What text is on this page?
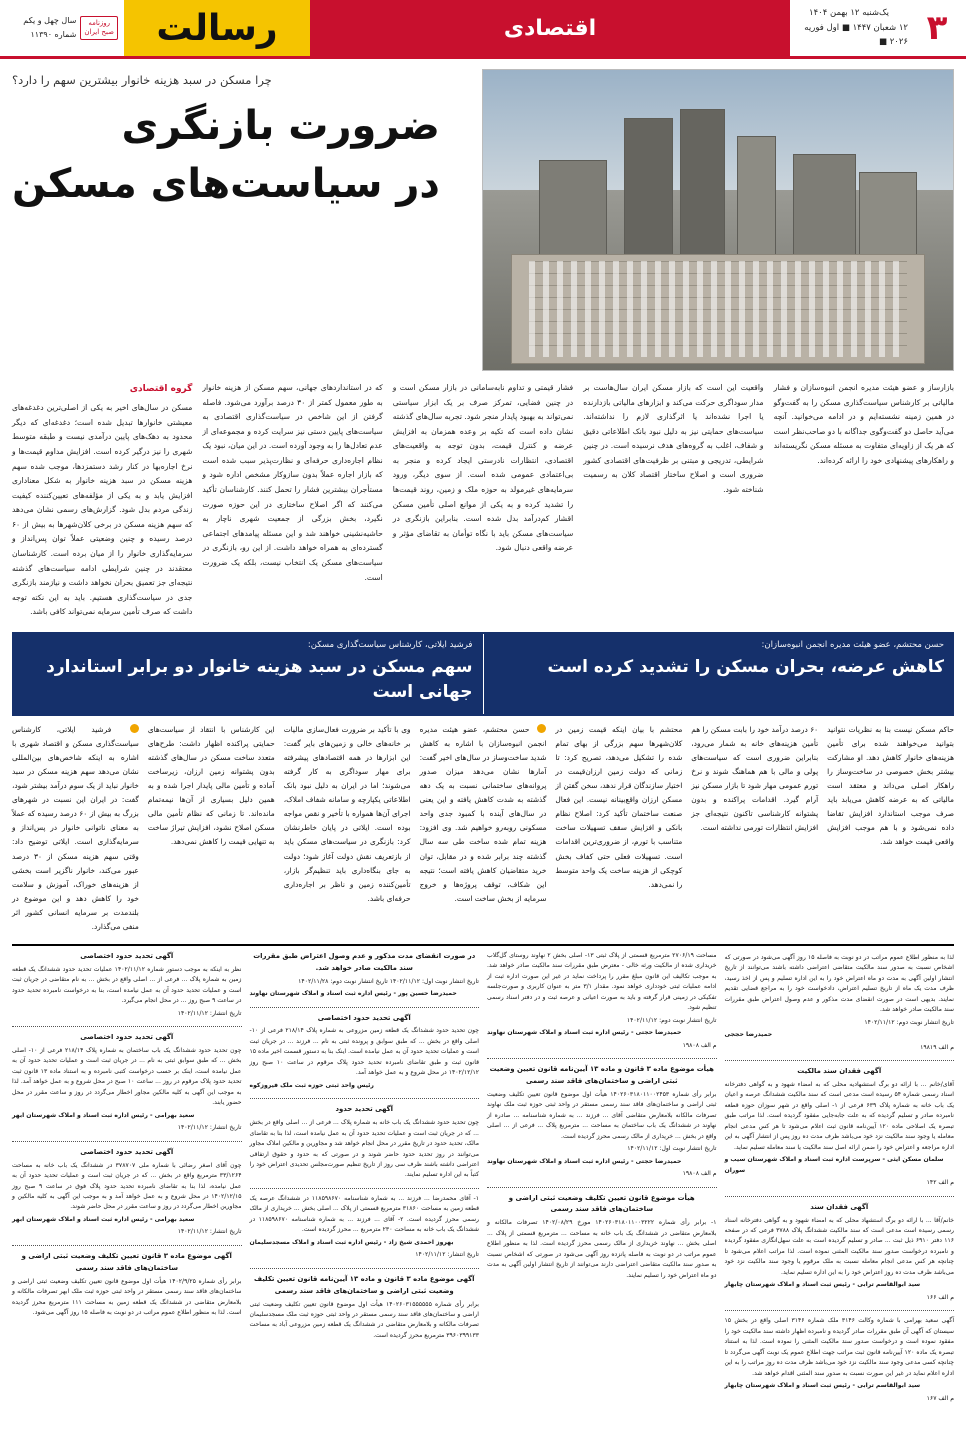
۳
یک‌شنبه ۱۲ بهمن ۱۴۰۴
۱۲ شعبان ۱۴۴۷ ■ اول فوریه ۲۰۲۶ ■
اقتصادی
رسالت
روزنامه
صبح ایران
سال چهل و یکم
شماره ۱۱۳۹۰
چرا مسکن در سبد هزینه خانوار بیشترین سهم را دارد؟
ضرورت بازنگری
در سیاست‌های مسکن
بازارساز و عضو هیئت مدیره انجمن انبوه‌سازان و فشار مالیاتی بر کارشناس سیاست‌گذاری مسکن را به گفت‌وگو در همین زمینه نشسته‌ایم و در ادامه می‌خوانید. آنچه می‌آید حاصل دو گفت‌وگوی جداگانه با دو صاحب‌نظر است که هر یک از زاویه‌ای متفاوت به مسئله مسکن نگریسته‌اند و راهکارهای پیشنهادی خود را ارائه کرده‌اند.
واقعیت این است که بازار مسکن ایران سال‌هاست بر مدار سوداگری حرکت می‌کند و ابزارهای مالیاتی بازدارنده یا اجرا نشده‌اند یا اثرگذاری لازم را نداشته‌اند. سیاست‌های حمایتی نیز به دلیل نبود بانک اطلاعاتی دقیق و شفاف، اغلب به گروه‌های هدف نرسیده است. در چنین شرایطی، تدریجی و مبتنی بر ظرفیت‌های اقتصادی کشور ضروری است و اصلاح ساختار اقتصاد کلان به رسمیت شناخته شود.
فشار قیمتی و تداوم نابه‌سامانی در بازار مسکن است و در چنین فضایی، تمرکز صرف بر یک ابزار سیاستی نمی‌تواند به بهبود پایدار منجر شود. تجربه سال‌های گذشته نشان داده است که تکیه بر وعده همزمان به افزایش عرضه و کنترل قیمت، بدون توجه به واقعیت‌های اقتصادی، انتظارات نادرستی ایجاد کرده و منجر به بی‌اعتمادی عمومی شده است. از سوی دیگر، ورود سرمایه‌های غیرمولد به حوزه ملک و زمین، روند قیمت‌ها را تشدید کرده و به یکی از موانع اصلی تأمین مسکن اقشار کم‌درآمد بدل شده است. بنابراین بازنگری در سیاست‌های مسکن باید با نگاه توأمان به تقاضای مؤثر و عرضه واقعی دنبال شود.
که در استانداردهای جهانی، سهم مسکن از هزینه خانوار به طور معمول کمتر از ۳۰ درصد برآورد می‌شود. فاصله گرفتن از این شاخص در سیاست‌گذاری اقتصادی به سیاست‌های پایین دستی نیز سرایت کرده و مجموعه‌ای از عدم تعادل‌ها را به وجود آورده است. در این میان، نبود یک نظام اجاره‌داری حرفه‌ای و نظارت‌پذیر سبب شده است که بازار اجاره عملاً بدون سازوکار مشخص اداره شود و مستأجران بیشترین فشار را تحمل کنند. کارشناسان تأکید می‌کنند که اگر اصلاح ساختاری در این حوزه صورت نگیرد، بخش بزرگی از جمعیت شهری ناچار به حاشیه‌نشینی خواهند شد و این مسئله پیامدهای اجتماعی گسترده‌ای به همراه خواهد داشت. از این رو، بازنگری در سیاست‌های مسکن یک انتخاب نیست، بلکه یک ضرورت است.
گروه اقتصادی
مسکن در سال‌های اخیر به یکی از اصلی‌ترین دغدغه‌های معیشتی خانوارها تبدیل شده است؛ دغدغه‌ای که دیگر محدود به دهک‌های پایین درآمدی نیست و طبقه متوسط شهری را نیز درگیر کرده است. افزایش مداوم قیمت‌ها و نرخ اجاره‌بها در کنار رشد دستمزدها، موجب شده سهم هزینه مسکن در سبد هزینه خانوار به شکل معناداری افزایش یابد و به یکی از مؤلفه‌های تعیین‌کننده کیفیت زندگی مردم بدل شود. گزارش‌های رسمی نشان می‌دهد که سهم هزینه مسکن در برخی کلان‌شهرها به بیش از ۶۰ درصد رسیده و چنین وضعیتی عملاً توان پس‌انداز و سرمایه‌گذاری خانوار را از میان برده است. کارشناسان معتقدند در چنین شرایطی ادامه سیاست‌های گذشته نتیجه‌ای جز تعمیق بحران نخواهد داشت و نیازمند بازنگری جدی در سیاست‌گذاری هستیم. باید به این نکته توجه داشت که صرف تأمین سرمایه نمی‌تواند کافی باشد.
حسن محتشم، عضو هیئت مدیره انجمن انبوه‌سازان:
کاهش عرضه، بحران مسکن را تشدید کرده است
فرشید ایلاتی، کارشناس سیاست‌گذاری مسکن:
سهم مسکن در سبد هزینه خانوار دو برابر استاندارد جهانی است
حاکم مسکن نیست بنا به نظریات نتوانید بتوانید می‌خواهند شده برای تأمین هزینه‌های خانوار کاهش دهد. او مشارکت بیشتر بخش خصوصی در ساخت‌وساز را راهکار اصلی می‌داند و معتقد است مالیاتی که به عرضه کاهش می‌یابد باید صرف موجب استاندارد افزایش تقاضا داده نمی‌شود و با هم موجب افزایش واقعی قیمت خواهد شد.
۶۰ درصد درآمد خود را بابت مسکن را هم تأمین هزینه‌های خانه به شمار می‌رود، بنابراین ضروری است که سیاست‌های پولی و مالی با هم هماهنگ شوند و نرخ تورم عمومی مهار شود تا بازار مسکن نیز آرام گیرد. اقدامات پراکنده و بدون پشتوانه کارشناسی تاکنون نتیجه‌ای جز افزایش انتظارات تورمی نداشته است.
محتشم با بیان اینکه قیمت زمین در کلان‌شهرها سهم بزرگی از بهای تمام شده را تشکیل می‌دهد، تصریح کرد: تا زمانی که دولت زمین ارزان‌قیمت در اختیار سازندگان قرار ندهد، سخن گفتن از مسکن ارزان واقع‌بینانه نیست. این فعال صنعت ساختمان تأکید کرد: اصلاح نظام بانکی و افزایش سقف تسهیلات ساخت متناسب با تورم، از ضروری‌ترین اقدامات است. تسهیلات فعلی حتی کفاف بخش کوچکی از هزینه ساخت یک واحد متوسط را نمی‌دهد.
حسن محتشم، عضو هیئت مدیره انجمن انبوه‌سازان با اشاره به کاهش شدید ساخت‌وساز در سال‌های اخیر گفت: آمارها نشان می‌دهد میزان صدور پروانه‌های ساختمانی نسبت به یک دهه گذشته به شدت کاهش یافته و این یعنی در سال‌های آینده با کمبود جدی واحد مسکونی روبه‌رو خواهیم شد. وی افزود: هزینه تمام شده ساخت طی سه سال گذشته چند برابر شده و در مقابل، توان خرید متقاضیان کاهش یافته است؛ نتیجه این شکاف، توقف پروژه‌ها و خروج سرمایه از بخش ساخت است.
وی با تأکید بر ضرورت فعال‌سازی مالیات بر خانه‌های خالی و زمین‌های بایر گفت: این ابزارها در همه اقتصادهای پیشرفته برای مهار سوداگری به کار گرفته می‌شوند؛ اما در ایران به دلیل نبود بانک اطلاعاتی یکپارچه و سامانه شفاف املاک، اجرای آن‌ها همواره با تأخیر و نقص مواجه بوده است. ایلاتی در پایان خاطرنشان کرد: بازنگری در سیاست‌های مسکن باید از بازتعریف نقش دولت آغاز شود؛ دولت به جای بنگاه‌داری باید تنظیم‌گر بازار، تأمین‌کننده زمین و ناظر بر اجاره‌داری حرفه‌ای باشد.
این کارشناس با انتقاد از سیاست‌های حمایتی پراکنده اظهار داشت: طرح‌های متعدد ساخت مسکن در سال‌های گذشته بدون پشتوانه زمین ارزان، زیرساخت آماده و تأمین مالی پایدار اجرا شده و به همین دلیل بسیاری از آن‌ها نیمه‌تمام مانده‌اند. تا زمانی که نظام تأمین مالی مسکن اصلاح نشود، افزایش تیراژ ساخت به تنهایی قیمت را کاهش نمی‌دهد.
فرشید ایلاتی، کارشناس سیاست‌گذاری مسکن و اقتصاد شهری با اشاره به اینکه شاخص‌های بین‌المللی نشان می‌دهد سهم هزینه مسکن در سبد خانوار نباید از یک سوم درآمد بیشتر شود، گفت: در ایران این نسبت در شهرهای بزرگ به بیش از ۶۰ درصد رسیده که عملاً به معنای ناتوانی خانوار در پس‌انداز و سرمایه‌گذاری است. ایلاتی توضیح داد: وقتی سهم هزینه مسکن از ۳۰ درصد عبور می‌کند، خانوار ناگزیر است بخشی از هزینه‌های خوراک، آموزش و سلامت خود را کاهش دهد و این موضوع در بلندمدت بر سرمایه انسانی کشور اثر منفی می‌گذارد.

لذا به منظور اطلاع عموم مراتب در دو نوبت به فاصله ۱۵ روز آگهی می‌شود در صورتی که اشخاص نسبت به صدور سند مالکیت متقاضی اعتراضی داشته باشند می‌توانند از تاریخ انتشار اولین آگهی به مدت دو ماه اعتراض خود را به این اداره تسلیم و پس از اخذ رسید، ظرف مدت یک ماه از تاریخ تسلیم اعتراض، دادخواست خود را به مراجع قضایی تقدیم نمایند. بدیهی است در صورت انقضای مدت مذکور و عدم وصول اعتراض طبق مقررات سند مالکیت صادر خواهد شد.

تاریخ انتشار نوبت دوم: ۱۴۰۲/۱۱/۱۲

حمیدرضا حججی

م الف ۱۹۸۱۹

آگهی فقدان سند مالکیت

آقای/خانم ... با ارائه دو برگ استشهادیه محلی که به امضاء شهود و به گواهی دفترخانه اسناد رسمی شماره ۵۴ رسیده است مدعی است که سند مالکیت ششدانگ عرصه و اعیان یک باب خانه به شماره پلاک ۶۳۹ فرعی از ۱- اصلی واقع در شهر سوزان حوزه قطعه نامبرده صادر و تسلیم گردیده که به علت جابه‌جایی مفقود گردیده است. لذا مراتب طبق تبصره یک اصلاحی ماده ۱۲۰ آیین‌نامه قانون ثبت اعلام می‌شود تا هر کس مدعی انجام معامله یا وجود سند مالکیت نزد خود می‌باشد ظرف مدت ده روز پس از انتشار آگهی به این اداره مراجعه و اعتراض خود را ضمن ارائه اصل سند مالکیت یا سند معامله تسلیم نماید.

سلمان مسکن ایثی - سرپرست اداره ثبت اسناد و املاک شهرستان سیب و سوران

م الف ۱۴۲

آگهی فقدان سند

خانم/آقا ... با ارائه دو برگ استشهاد محلی که به امضاء شهود و به گواهی دفترخانه اسناد رسمی رسیده است مدعی است که سند مالکیت ششدانگ پلاک ۳۷۸۸ فرعی که در صفحه ۱۱۶ دفتر ۶۹۱۰ ذیل ثبت ... صادر و تسلیم گردیده است به علت سهل‌انگاری مفقود گردیده و نامبرده درخواست صدور سند مالکیت المثنی نموده است. لذا مراتب اعلام می‌شود تا چنانچه هر کس مدعی انجام معامله نسبت به ملک مرقوم یا وجود سند مالکیت نزد خود می‌باشد ظرف مدت ده روز اعتراض خود را به این اداره تسلیم نماید.

سید ابوالقاسم ترابی - رئیس ثبت اسناد و املاک شهرستان چابهار

م الف ۱۶۶

آگهی سعید بهرامی با شماره وکالت ۳۱۴۶ ملک شماره ۳۱۴۶ اصلی واقع در بخش ۱۵ سیستان که آگهی آن طبق مقررات صادر گردیده و نامبرده اظهار داشته سند مالکیت خود را مفقود نموده است و درخواست صدور سند مالکیت المثنی را نموده است. لذا به استناد تبصره یک ماده ۱۲۰ آیین‌نامه قانون ثبت مراتب جهت اطلاع عموم یک نوبت آگهی می‌گردد تا چنانچه کسی مدعی وجود سند مالکیت نزد خود می‌باشد ظرف مدت ده روز مراتب را به این اداره اعلام نماید در غیر این صورت نسبت به صدور سند المثنی اقدام خواهد شد.

سید ابوالقاسم ترابی - رئیس ثبت اسناد و املاک شهرستان چابهار

م الف ۱۶۷

مساحت ۲۷۰۶/۱۹ مترمربع قسمتی از پلاک ثبتی ۱۳- اصلی بخش ۲ نهاوند روستای گل‌گلاب خریداری شده از مالکیت ورثه خالی - معترض طبق مقررات سند مالکیت صادر خواهد شد. به موجب تکالیف این قانون مبلغ مقرر را پرداخت نماید در غیر این صورت اداره ثبت از ادامه عملیات ثبتی خودداری خواهد نمود. مقدار ۳/۱ متر به عنوان کاربری و صورت‌جلسه تفکیکی در زمینی قرار گرفته و باید به صورت اعیانی و عرصه ثبت و در دفتر اسناد رسمی تنظیم شود.

تاریخ انتشار نوبت دوم: ۱۴۰۲/۱۱/۱۲

حمیدرضا حجتی - رئیس اداره ثبت اسناد و املاک شهرستان نهاوند

م الف ۱۹۸۰۸

هیأت موضوع ماده ۳ قانون و ماده ۱۳ آیین‌نامه قانون تعیین وضعیت ثبتی اراضی و ساختمان‌های فاقد سند رسمی

برابر رأی شماره ۱۴۰۲۶۰۳۱۸۰۱۱۰۰۲۴۵۳ هیأت اول موضوع قانون تعیین تکلیف وضعیت ثبتی اراضی و ساختمان‌های فاقد سند رسمی مستقر در واحد ثبتی حوزه ثبت ملک نهاوند تصرفات مالکانه بلامعارض متقاضی آقای ... فرزند ... به شماره شناسنامه ... صادره از نهاوند در ششدانگ یک باب ساختمان به مساحت ... مترمربع پلاک ... فرعی از ... اصلی واقع در بخش ... خریداری از مالک رسمی محرز گردیده است.

تاریخ انتشار نوبت اول: ۱۴۰۲/۱۱/۱۲

حمیدرضا حجتی - رئیس اداره ثبت اسناد و املاک شهرستان نهاوند

م الف ۱۹۸۰۸

هیأت موضوع قانون تعیین تکلیف وضعیت ثبتی اراضی و ساختمان‌های فاقد سند رسمی

۱- برابر رأی شماره ۱۴۰۲۶۰۳۱۸۰۱۱۰۰۳۲۲۲ مورخ ۱۴۰۲/۰۸/۲۹ تصرفات مالکانه و بلامعارض متقاضی در ششدانگ یک باب خانه به مساحت ... مترمربع قسمتی از پلاک ... اصلی بخش ... نهاوند خریداری از مالک رسمی محرز گردیده است. لذا به منظور اطلاع عموم مراتب در دو نوبت به فاصله پانزده روز آگهی می‌شود در صورتی که اشخاص نسبت به صدور سند مالکیت متقاضی اعتراضی دارند می‌توانند از تاریخ انتشار اولین آگهی به مدت دو ماه اعتراض خود را تسلیم نمایند.

در صورت انقضای مدت مذکور و عدم وصول اعتراض طبق مقررات سند مالکیت صادر خواهد شد.

تاریخ انتشار نوبت اول: ۱۴۰۲/۱۱/۱۲ تاریخ انتشار نوبت دوم: ۱۴۰۲/۱۱/۲۸

حمیدرضا حسین پور - رئیس اداره ثبت اسناد و املاک شهرستان نهاوند

آگهی تحدید حدود اختصاصی

چون تحدید حدود ششدانگ یک قطعه زمین مزروعی به شماره پلاک ۲۱۸/۱۴ فرعی از ۱۰- اصلی واقع در بخش ... که طبق سوابق و پرونده ثبتی به نام ... فرزند ... در جریان ثبت است و عملیات تحدید حدود آن به عمل نیامده است. اینک بنا به دستور قسمت اخیر ماده ۱۵ قانون ثبت و طبق تقاضای نامبرده تحدید حدود پلاک مرقوم در ساعت ۱۰ صبح روز ۱۴۰۲/۱۲/۱۲ در محل شروع و به عمل خواهد آمد.

رئیس واحد ثبتی حوزه ثبت ملک فیروزکوه

آگهی تحدید حدود

چون تحدید حدود ششدانگ یک باب خانه به شماره پلاک ... فرعی از ... اصلی واقع در بخش ... که در جریان ثبت است و عملیات تحدید حدود آن به عمل نیامده است، لذا بنا به تقاضای مالک، تحدید حدود در تاریخ مقرر در محل انجام خواهد شد و مجاورین و مالکین املاک مجاور می‌توانند در روز تحدید حدود حاضر شوند و در صورتی که به حدود و حقوق ارتفاقی اعتراضی داشته باشند ظرف سی روز از تاریخ تنظیم صورت‌مجلس تحدیدی اعتراض خود را کتباً به این اداره تسلیم نمایند.

۱- آقای محمدرضا ... فرزند ... به شماره شناسنامه ۱۱۸۵۹۸۶۷۰ در ششدانگ عرصه یک قطعه زمین به مساحت ۳۱۸۶۰ مترمربع قسمتی از پلاک ... اصلی بخش ... خریداری از مالک رسمی محرز گردیده است. ۲- آقای ... فرزند ... به شماره شناسنامه ۱۱۸۵۹۸۶۷۰ در ششدانگ یک باب خانه به مساحت ۲۳۰ مترمربع ... محرز گردیده است.

بهروز احمدی شیخ زاد - رئیس اداره ثبت اسناد و املاک مسجدسلیمان

تاریخ انتشار: ۱۴۰۲/۱۱/۱۲

آگهی موضوع ماده ۳ قانون و ماده ۱۳ آیین‌نامه قانون تعیین تکلیف وضعیت ثبتی اراضی و ساختمان‌های فاقد سند رسمی

برابر رأی شماره ۱۴۰۲۶۰۳۱۵۵۵۵۵۵ هیأت اول موضوع قانون تعیین تکلیف وضعیت ثبتی اراضی و ساختمان‌های فاقد سند رسمی مستقر در واحد ثبتی حوزه ثبت ملک مسجدسلیمان تصرفات مالکانه و بلامعارض متقاضی در ششدانگ یک قطعه زمین مزروعی آباد به مساحت ۳۹۶۰۳۹۹۱۳۳ مترمربع محرز گردیده است.

آگهی تحدید حدود اختصاصی

نظر به اینکه به موجب دستور شماره ۱۴۰۲/۱۱/۱۲ عملیات تحدید حدود ششدانگ یک قطعه زمین به شماره پلاک ... فرعی از ... اصلی واقع در بخش ... به نام متقاضی در جریان ثبت است و عملیات تحدید حدود آن به عمل نیامده است، بنا به درخواست نامبرده تحدید حدود در ساعت ۹ صبح روز ... در محل انجام می‌گیرد.

تاریخ انتشار: ۱۴۰۲/۱۱/۱۲

آگهی تحدید حدود اختصاصی

چون تحدید حدود ششدانگ یک باب ساختمان به شماره پلاک ۲۱۸/۱۴ فرعی از ۱۰- اصلی بخش ... که طبق سوابق ثبتی به نام ... در جریان ثبت است و عملیات تحدید حدود آن به عمل نیامده است، اینک بر حسب درخواست کتبی نامبرده و به استناد ماده ۱۳ قانون ثبت تحدید حدود پلاک مرقوم در روز ... ساعت ۱۰ صبح در محل شروع و به عمل خواهد آمد. لذا به موجب این آگهی به کلیه مالکین مجاور اخطار می‌گردد در روز و ساعت مقرر در محل حضور یابند.

سعید بهرامی - رئیس اداره ثبت اسناد و املاک شهرستان ابهر

تاریخ انتشار: ۱۴۰۲/۱۱/۱۲

آگهی تحدید حدود اختصاصی

چون آقای اصغر رضائی با شماره ملی ۳۷۸۷۰۷ در ششدانگ یک باب خانه به مساحت ۳۳/۱۲۶۴ مترمربع واقع در بخش ... که در جریان ثبت است و عملیات تحدید حدود آن به عمل نیامده، لذا بنا به تقاضای نامبرده تحدید حدود پلاک فوق در ساعت ۹ صبح روز ۱۴۰۲/۱۲/۱۵ در محل شروع و به عمل خواهد آمد و به موجب این آگهی به کلیه مالکین و مجاورین اخطار می‌گردد در روز و ساعت مقرر در محل حاضر شوند.

سعید بهرامی - رئیس اداره ثبت اسناد و املاک شهرستان ابهر

تاریخ انتشار: ۱۴۰۲/۱۱/۱۲

آگهی موضوع ماده ۳ قانون تعیین تکلیف وضعیت ثبتی اراضی و ساختمان‌های فاقد سند رسمی

برابر رأی شماره ۱۴۰۲/۹/۲۵ هیأت اول موضوع قانون تعیین تکلیف وضعیت ثبتی اراضی و ساختمان‌های فاقد سند رسمی مستقر در واحد ثبتی حوزه ثبت ملک ابهر تصرفات مالکانه و بلامعارض متقاضی در ششدانگ یک قطعه زمین به مساحت ۱۱۱ مترمربع محرز گردیده است. لذا به منظور اطلاع عموم مراتب در دو نوبت به فاصله ۱۵ روز آگهی می‌شود.
